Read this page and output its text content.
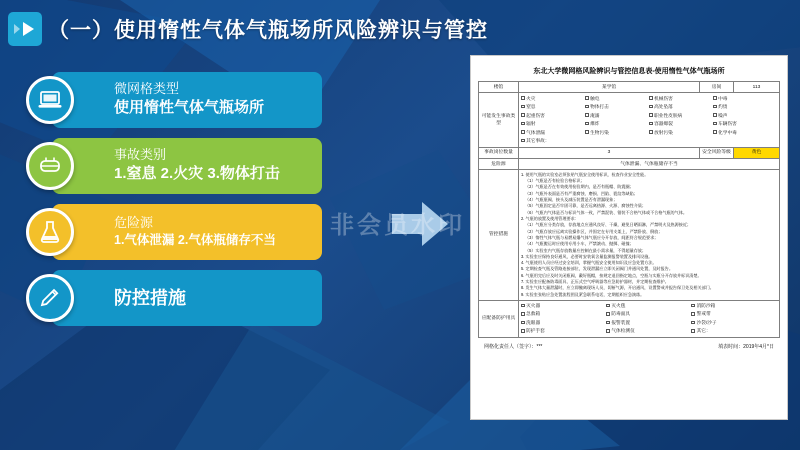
（一）使用惰性气体气瓶场所风险辨识与管控
微网格类型
使用惰性气体气瓶场所
事故类别
1.窒息 2.火灾 3.物体打击
危险源
1.气体泄漏 2.气体瓶储存不当
防控措施
非会员水印
东北大学微网格风险辨识与管控信息表-使用惰性气体气瓶场所
楼馆	某学馆	房间	113
可能发生事故类型	
火灾	触电	机械伤害	中毒
窒息	物体打击	高处坠落	灼烫
起重伤害	淹溺	职业性皮肤病	噪声
辐射	爆炸	容器爆裂	车辆伤害
气体泄漏	生物污染	放射污染	化学中毒
其它事故：

事故岗位数量	3	安全风险等级	黄色
危险源	气体泄漏、气体瓶储存不当		
管控措施	

1. 使用气瓶的实验室必须张贴气瓶安全使用标识，检查作业安全性能。

（1）气瓶是否有检验合格标识；

（2）气瓶是否在有效使用检验期内，是否有瓶帽、防震圈；

（3）气瓶外表面是否有严重腐蚀、磨损、凹陷、裂纹等缺陷；

（4）气瓶瓶阀、接头及减压装置是否有泄漏现象；

（5）气瓶固定是否牢固可靠，是否远离热源、火源、腐蚀性介质；

（6）气瓶内气体是否与标识气体一致，严禁混装、错装不合格气体或不合格气瓶的气体。

2. 气瓶的放置及使用管理要求：

（1）气瓶应分类存放，存放地点应通风良好、干燥，避免日晒雨淋，严禁明火及热源接近；

（2）气瓶存放应远离实验操作区，并固定在专用支架上，严禁卧放、倒放；

（3）惰性气体气瓶与易燃易爆气体气瓶应分开存放，间距符合规范要求；

（4）气瓶搬运时应使用专用小车，严禁滚动、抛掷、碰撞；

（5）实验室内气瓶存放数量应控制在最小需求量，不得超量存放；

3. 实验室应保持良好通风，必要时安装氧含量监测报警装置及排风设施。

4. 气瓶使用人员应经过安全培训，掌握气瓶安全使用知识及应急处置方法。

5. 定期检查气瓶及管路连接部位，发现泄漏应立即关闭阀门并通风处置，及时报告。

6. 气瓶用完后应及时关闭瓶阀，戴好瓶帽，按规定退回指定地点，空瓶与实瓶分开存放并标识清楚。

7. 实验室应配备防毒面具、正压式空气呼吸器等应急防护器材，并定期检查维护。

8. 发生气体大量泄漏时，应立即撤离现场人员，切断气源，开启通风，设置警戒并报告保卫处及相关部门。

9. 实验室张贴应急处置流程图及紧急联系电话，定期组织应急演练。

应配备防护用具	
灭火器	灭火毯	消防沙箱
急救箱	防毒面具	警戒带
洗眼器	报警装置	沙袋/沙子
防护手套	气体检测仪	其它：
网格化责任人（签字）：***	填表时间：2019年4月*日
